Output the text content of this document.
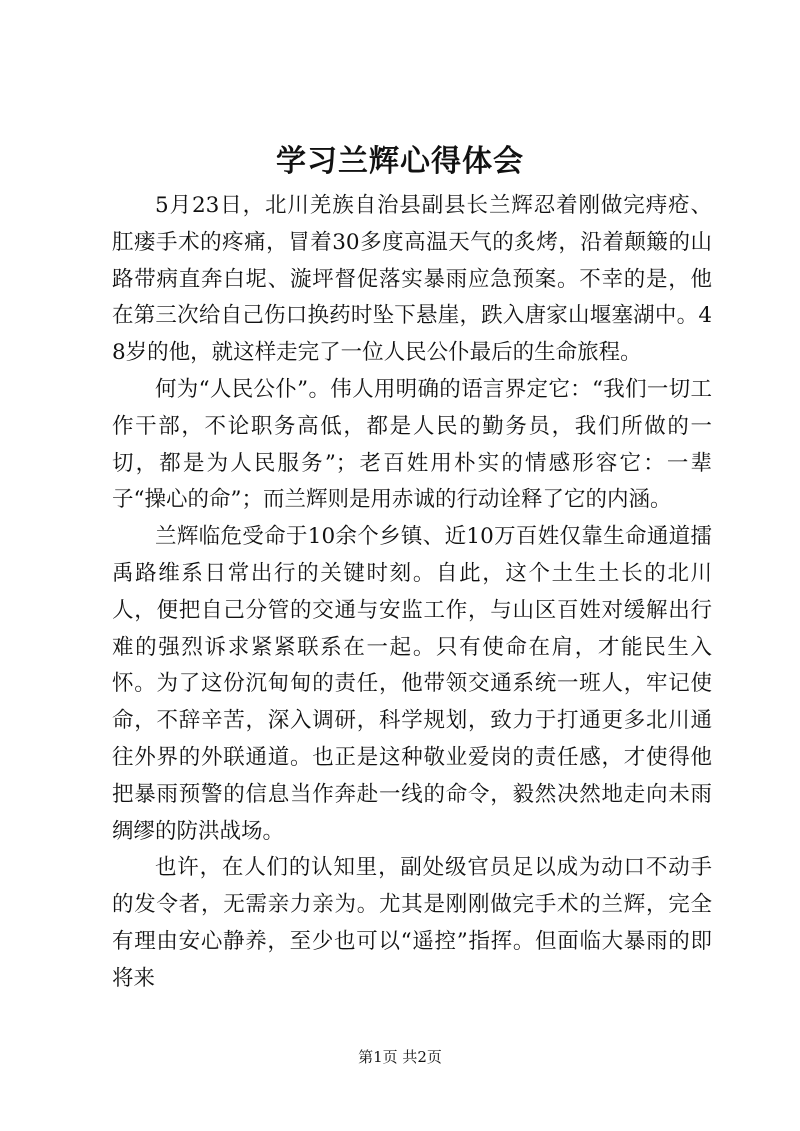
学习兰辉心得体会

5月23日，北川羌族自治县副县长兰辉忍着刚做完痔疮、肛瘘手术的疼痛，冒着30多度高温天气的炙烤，沿着颠簸的山路带病直奔白坭、漩坪督促落实暴雨应急预案。不幸的是，他在第三次给自己伤口换药时坠下悬崖，跌入唐家山堰塞湖中。48岁的他，就这样走完了一位人民公仆最后的生命旅程。

何为“人民公仆”。伟人用明确的语言界定它：“我们一切工作干部，不论职务高低，都是人民的勤务员，我们所做的一切，都是为人民服务”；老百姓用朴实的情感形容它：一辈子“操心的命”；而兰辉则是用赤诚的行动诠释了它的内涵。

兰辉临危受命于10余个乡镇、近10万百姓仅靠生命通道擂禹路维系日常出行的关键时刻。自此，这个土生土长的北川人，便把自己分管的交通与安监工作，与山区百姓对缓解出行难的强烈诉求紧紧联系在一起。只有使命在肩，才能民生入怀。为了这份沉甸甸的责任，他带领交通系统一班人，牢记使命，不辞辛苦，深入调研，科学规划，致力于打通更多北川通往外界的外联通道。也正是这种敬业爱岗的责任感，才使得他把暴雨预警的信息当作奔赴一线的命令，毅然决然地走向未雨绸缪的防洪战场。

也许，在人们的认知里，副处级官员足以成为动口不动手的发令者，无需亲力亲为。尤其是刚刚做完手术的兰辉，完全有理由安心静养，至少也可以“遥控”指挥。但面临大暴雨的即将来

第1页 共2页
